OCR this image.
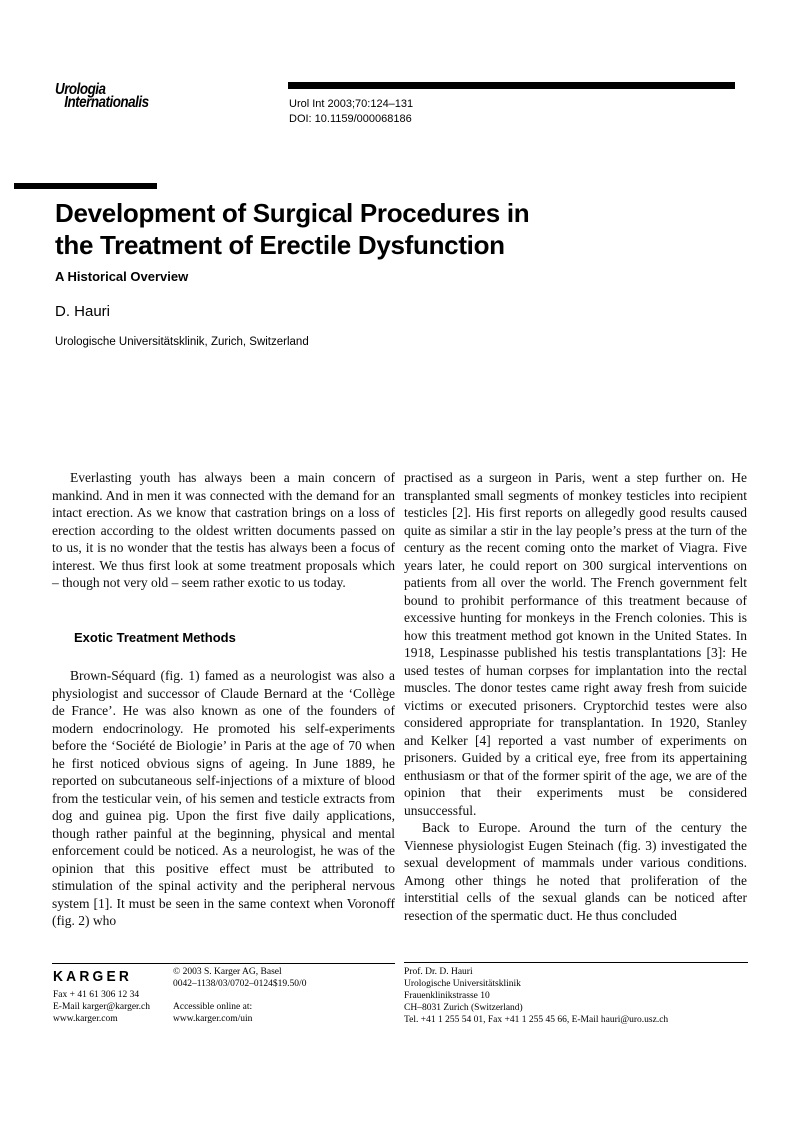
Urologia
Internationalis	Urol Int 2003;70:124–131
DOI: 10.1159/000068186
Development of Surgical Procedures in
the Treatment of Erectile Dysfunction
A Historical Overview
D. Hauri
Urologische Universitätsklinik, Zurich, Switzerland

Everlasting youth has always been a main concern of mankind. And in men it was connected with the demand for an intact erection. As we know that castration brings on a loss of erection according to the oldest written documents passed on to us, it is no wonder that the testis has always been a focus of interest. We thus first look at some treatment proposals which – though not very old – seem rather exotic to us today.

Exotic Treatment Methods

Brown-Séquard (fig. 1) famed as a neurologist was also a physiologist and successor of Claude Bernard at the ‘Collège de France’. He was also known as one of the founders of modern endocrinology. He promoted his self-experiments before the ‘Société de Biologie’ in Paris at the age of 70 when he first noticed obvious signs of ageing. In June 1889, he reported on subcutaneous self-injections of a mixture of blood from the testicular vein, of his semen and testicle extracts from dog and guinea pig. Upon the first five daily applications, though rather painful at the beginning, physical and mental enforcement could be noticed. As a neurologist, he was of the opinion that this positive effect must be attributed to stimulation of the spinal activity and the peripheral nervous system [1]. It must be seen in the same context when Voronoff (fig. 2) who

practised as a surgeon in Paris, went a step further on. He transplanted small segments of monkey testicles into recipient testicles [2]. His first reports on allegedly good results caused quite as similar a stir in the lay people’s press at the turn of the century as the recent coming onto the market of Viagra. Five years later, he could report on 300 surgical interventions on patients from all over the world. The French government felt bound to prohibit performance of this treatment because of excessive hunting for monkeys in the French colonies. This is how this treatment method got known in the United States. In 1918, Lespinasse published his testis transplantations [3]: He used testes of human corpses for implantation into the rectal muscles. The donor testes came right away fresh from suicide victims or executed prisoners. Cryptorchid testes were also considered appropriate for transplantation. In 1920, Stanley and Kelker [4] reported a vast number of experiments on prisoners. Guided by a critical eye, free from its appertaining enthusiasm or that of the former spirit of the age, we are of the opinion that their experiments must be considered unsuccessful.

Back to Europe. Around the turn of the century the Viennese physiologist Eugen Steinach (fig. 3) investigated the sexual development of mammals under various conditions. Among other things he noted that proliferation of the interstitial cells of the sexual glands can be noticed after resection of the spermatic duct. He thus concluded

KARGER
Fax + 41 61 306 12 34
E-Mail karger@karger.ch
www.karger.com
© 2003 S. Karger AG, Basel
0042–1138/03/0702–0124$19.50/0
Accessible online at:
www.karger.com/uin
Prof. Dr. D. Hauri
Urologische Universitätsklinik
Frauenklinikstrasse 10
CH–8031 Zurich (Switzerland)
Tel. +41 1 255 54 01, Fax +41 1 255 45 66, E-Mail hauri@uro.usz.ch
